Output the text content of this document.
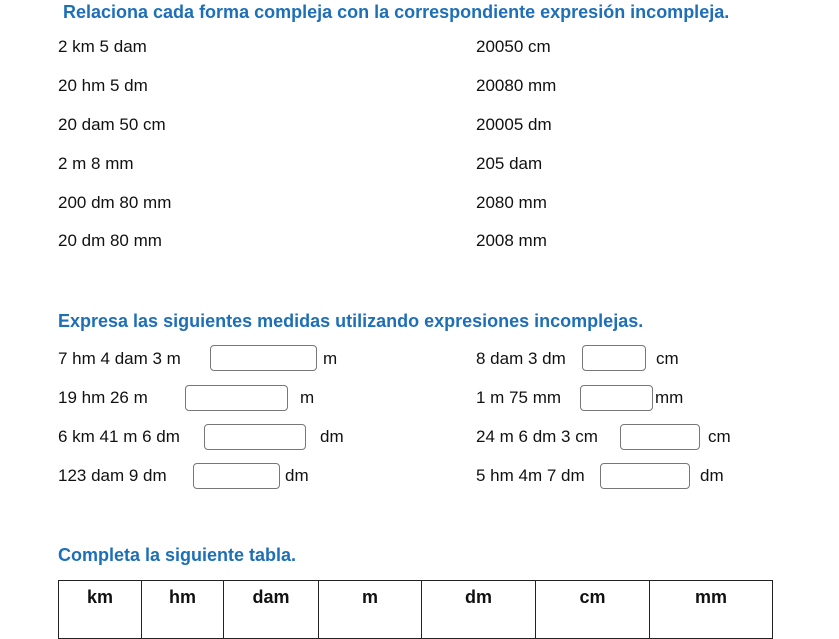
Relaciona cada forma compleja con la correspondiente expresión incompleja.
2 km 5 dam
20 hm 5 dm
20 dam 50 cm
2 m 8 mm
200 dm 80 mm
20 dm 80 mm
20050 cm
20080 mm
20005 dm
205 dam
2080 mm
2008 mm
Expresa las siguientes medidas utilizando expresiones incomplejas.
7 hm 4 dam 3 m	m	8 dam 3 dm	cm
19 hm 26 m	m	1 m 75 mm	mm
6 km 41 m 6 dm	dm	24 m 6 dm 3 cm	cm
123 dam 9 dm	dm	5 hm 4m 7 dm	dm
Completa la siguiente tabla.
km	hm	dam	m	dm	cm	mm
